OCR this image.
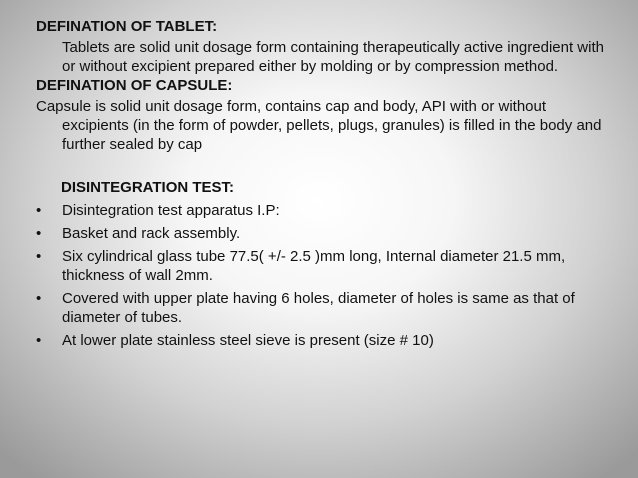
DEFINATION OF TABLET:

Tablets are solid unit dosage form containing therapeutically active ingredient with or without excipient prepared either by molding or by compression method.

DEFINATION OF CAPSULE:

Capsule is solid unit dosage form, contains cap and body, API with or without excipients (in the form of powder, pellets, plugs, granules) is filled in the body and further sealed by cap

DISINTEGRATION TEST:

• Disintegration test apparatus I.P:
• Basket and rack assembly.
• Six cylindrical glass tube 77.5( +/- 2.5 )mm long, Internal diameter 21.5 mm, thickness of wall 2mm.
• Covered with upper plate having 6 holes, diameter of holes is same as that of diameter of tubes.
• At lower plate stainless steel sieve is present (size # 10)
